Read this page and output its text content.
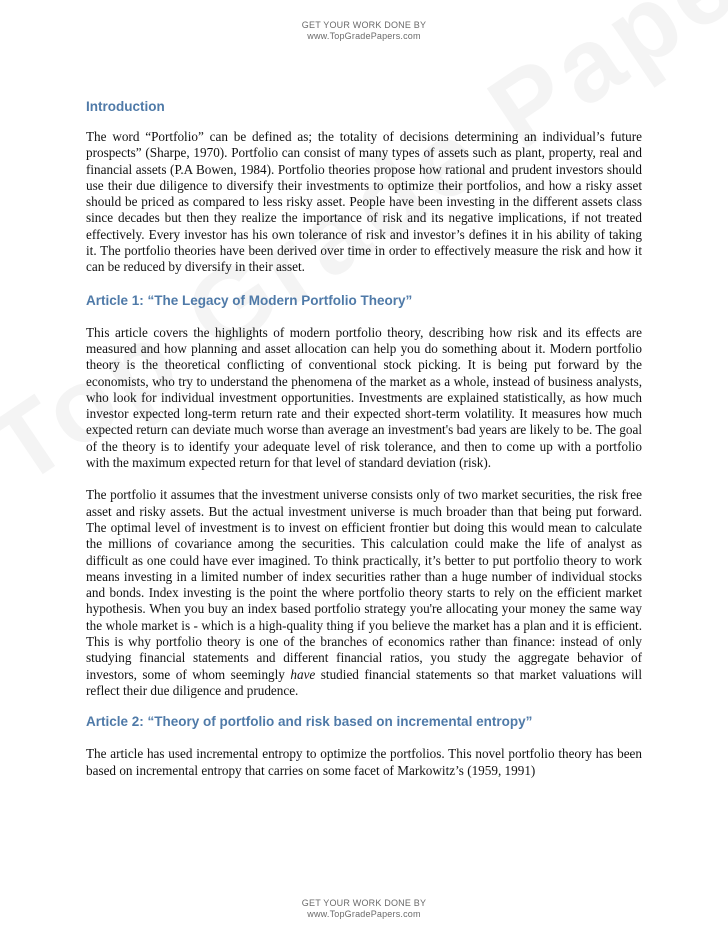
GET YOUR WORK DONE BY
www.TopGradePapers.com
Introduction

The word “Portfolio” can be defined as; the totality of decisions determining an individual’s future prospects” (Sharpe, 1970). Portfolio can consist of many types of assets such as plant, property, real and financial assets (P.A Bowen, 1984). Portfolio theories propose how rational and prudent investors should use their due diligence to diversify their investments to optimize their portfolios, and how a risky asset should be priced as compared to less risky asset. People have been investing in the different assets class since decades but then they realize the importance of risk and its negative implications, if not treated effectively. Every investor has his own tolerance of risk and investor’s defines it in his ability of taking it. The portfolio theories have been derived over time in order to effectively measure the risk and how it can be reduced by diversify in their asset.

Article 1: “The Legacy of Modern Portfolio Theory”

This article covers the highlights of modern portfolio theory, describing how risk and its effects are measured and how planning and asset allocation can help you do something about it. Modern portfolio theory is the theoretical conflicting of conventional stock picking. It is being put forward by the economists, who try to understand the phenomena of the market as a whole, instead of business analysts, who look for individual investment opportunities. Investments are explained statistically, as how much investor expected long-term return rate and their expected short-term volatility. It measures how much expected return can deviate much worse than average an investment's bad years are likely to be. The goal of the theory is to identify your adequate level of risk tolerance, and then to come up with a portfolio with the maximum expected return for that level of standard deviation (risk).

The portfolio it assumes that the investment universe consists only of two market securities, the risk free asset and risky assets. But the actual investment universe is much broader than that being put forward. The optimal level of investment is to invest on efficient frontier but doing this would mean to calculate the millions of covariance among the securities. This calculation could make the life of analyst as difficult as one could have ever imagined. To think practically, it’s better to put portfolio theory to work means investing in a limited number of index securities rather than a huge number of individual stocks and bonds. Index investing is the point the where portfolio theory starts to rely on the efficient market hypothesis. When you buy an index based portfolio strategy you're allocating your money the same way the whole market is - which is a high-quality thing if you believe the market has a plan and it is efficient. This is why portfolio theory is one of the branches of economics rather than finance: instead of only studying financial statements and different financial ratios, you study the aggregate behavior of investors, some of whom seemingly have studied financial statements so that market valuations will reflect their due diligence and prudence.

Article 2: “Theory of portfolio and risk based on incremental entropy”

The article has used incremental entropy to optimize the portfolios. This novel portfolio theory has been based on incremental entropy that carries on some facet of Markowitz’s (1959, 1991)

GET YOUR WORK DONE BY
www.TopGradePapers.com
